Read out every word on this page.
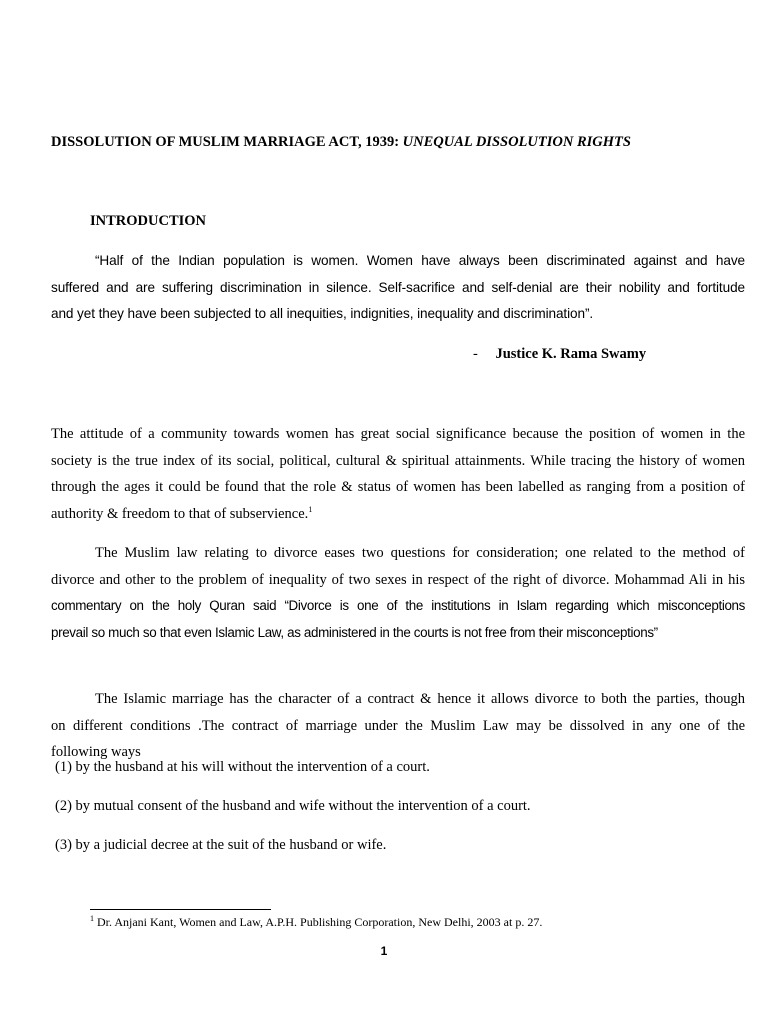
DISSOLUTION OF MUSLIM MARRIAGE ACT, 1939: UNEQUAL DISSOLUTION RIGHTS
INTRODUCTION
“Half of the Indian population is women. Women have always been discriminated against and have
suffered and are suffering discrimination in silence. Self-sacrifice and self-denial are their nobility and fortitude
and yet they have been subjected to all inequities, indignities, inequality and discrimination”.
- Justice K. Rama Swamy
The attitude of a community towards women has great social significance because the position of women in the
society is the true index of its social, political, cultural & spiritual attainments. While tracing the history of women
through the ages it could be found that the role & status of women has been labelled as ranging from a position of
authority & freedom to that of subservience.$^1$
The Muslim law relating to divorce eases two questions for consideration; one related to the method of
divorce and other to the problem of inequality of two sexes in respect of the right of divorce. Mohammad Ali in his
commentary on the holy Quran said “Divorce is one of the institutions in Islam regarding which misconceptions
prevail so much so that even Islamic Law, as administered in the courts is not free from their misconceptions”
The Islamic marriage has the character of a contract & hence it allows divorce to both the parties, though
on different conditions .The contract of marriage under the Muslim Law may be dissolved in any one of the
following ways
(1) by the husband at his will without the intervention of a court.
(2) by mutual consent of the husband and wife without the intervention of a court.
(3) by a judicial decree at the suit of the husband or wife.
$^1$ Dr. Anjani Kant, Women and Law, A.P.H. Publishing Corporation, New Delhi, 2003 at p. 27.
1
